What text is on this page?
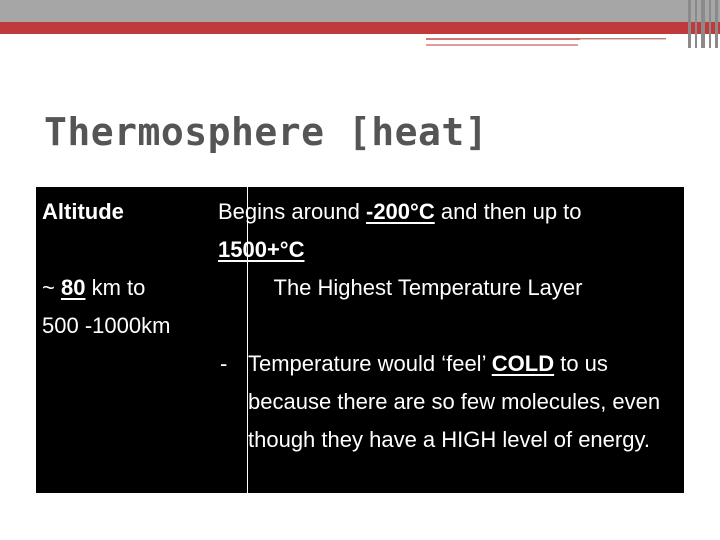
Thermosphere [heat]
Altitude
~ 80 km to
500 -1000km
Begins around -200°C and then up to
1500+°C
The Highest Temperature Layer
- Temperature would ‘feel’ COLD to us because there are so few molecules, even though they have a HIGH level of energy.
